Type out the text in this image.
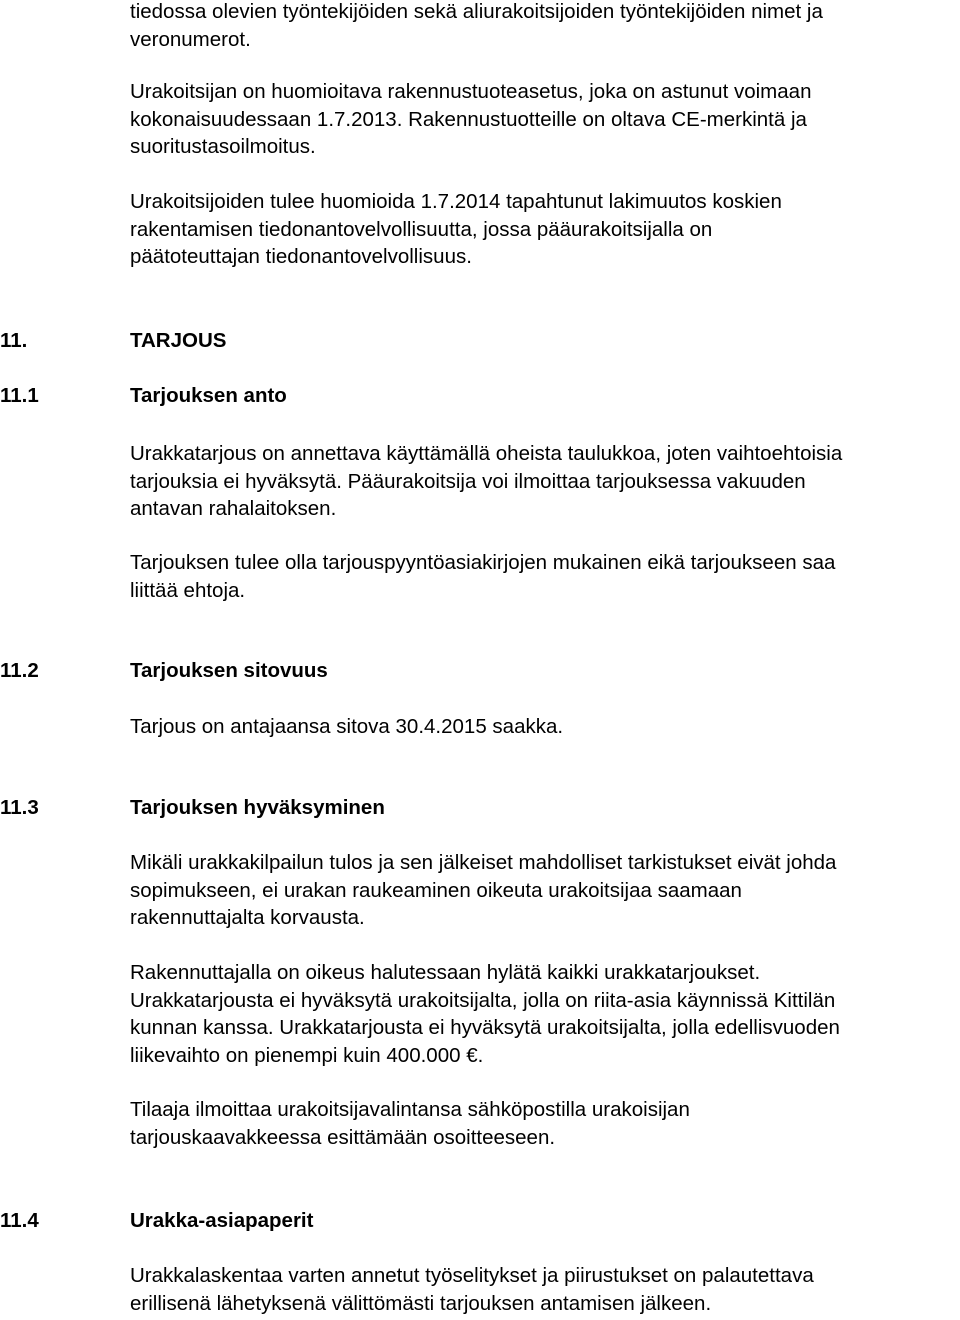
tiedossa olevien työntekijöiden sekä aliurakoitsijoiden työntekijöiden nimet ja
veronumerot.

Urakoitsijan on huomioitava rakennustuoteasetus, joka on astunut voimaan
kokonaisuudessaan 1.7.2013. Rakennustuotteille on oltava CE-merkintä ja
suoritustasoilmoitus.

Urakoitsijoiden tulee huomioida 1.7.2014 tapahtunut lakimuutos koskien
rakentamisen tiedonantovelvollisuutta, jossa pääurakoitsijalla on
päätoteuttajan tiedonantovelvollisuus.

11.	TARJOUS
11.1	Tarjouksen anto

Urakkatarjous on annettava käyttämällä oheista taulukkoa, joten vaihtoehtoisia
tarjouksia ei hyväksytä. Pääurakoitsija voi ilmoittaa tarjouksessa vakuuden
antavan rahalaitoksen.

Tarjouksen tulee olla tarjouspyyntöasiakirjojen mukainen eikä tarjoukseen saa
liittää ehtoja.

11.2	Tarjouksen sitovuus

Tarjous on antajaansa sitova 30.4.2015 saakka.

11.3	Tarjouksen hyväksyminen

Mikäli urakkakilpailun tulos ja sen jälkeiset mahdolliset tarkistukset eivät johda
sopimukseen, ei urakan raukeaminen oikeuta urakoitsijaa saamaan
rakennuttajalta korvausta.

Rakennuttajalla on oikeus halutessaan hylätä kaikki urakkatarjoukset.
Urakkatarjousta ei hyväksytä urakoitsijalta, jolla on riita-asia käynnissä Kittilän
kunnan kanssa. Urakkatarjousta ei hyväksytä urakoitsijalta, jolla edellisvuoden
liikevaihto on pienempi kuin 400.000 €.

Tilaaja ilmoittaa urakoitsijavalintansa sähköpostilla urakoisijan
tarjouskaavakkeessa esittämään osoitteeseen.

11.4	Urakka-asiapaperit

Urakkalaskentaa varten annetut työselitykset ja piirustukset on palautettava
erillisenä lähetyksenä välittömästi tarjouksen antamisen jälkeen.
